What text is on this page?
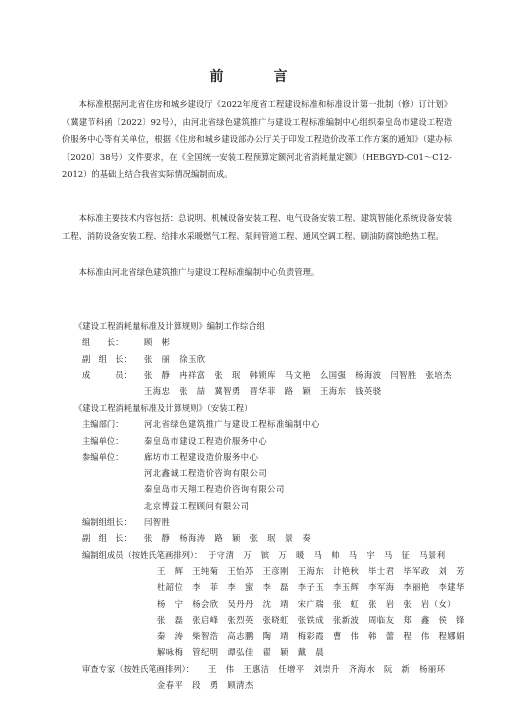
前　言
本标准根据河北省住房和城乡建设厅《2022年度省工程建设标准和标准设计第一批制（修）订计划》（冀建节科函〔2022〕92号），由河北省绿色建筑推广与建设工程标准编制中心组织秦皇岛市建设工程造价服务中心等有关单位，根据《住房和城乡建设部办公厅关于印发工程造价改革工作方案的通知》（建办标〔2020〕38号）文件要求，在《全国统一安装工程预算定额河北省消耗量定额》（HEBGYD-C01～C12-2012）的基础上结合我省实际情况编制而成。
本标准主要技术内容包括：总说明、机械设备安装工程、电气设备安装工程、建筑智能化系统设备安装工程、消防设备安装工程、给排水采暖燃气工程、泵间管道工程、通风空调工程、刷油防腐蚀绝热工程。
本标准由河北省绿色建筑推广与建设工程标准编制中心负责管理。
《建设工程消耗量标准及计算规则》编制工作综合组
组　　长： 顾　彬
副　组　长： 张　丽　徐玉欣
成　　　员： 张　静　冉祥富　张　珉　韩锁库　马文艳　么国强　杨海波　闫智胜　张培杰
王海忠　张　喆　冀智勇　晋华菲　路　颖　王海东　钱英骁
《建设工程消耗量标准及计算规则》（安装工程）
主编部门： 河北省绿色建筑推广与建设工程标准编制中心
主编单位： 秦皇岛市建设工程造价服务中心
参编单位： 廊坊市工程建设造价服务中心
河北鑫诚工程造价咨询有限公司
秦皇岛市天翔工程造价咨询有限公司
北京博益工程顾问有限公司
编制组组长： 闫智胜
副　组　长： 张　静　杨海涛　路　颖　张　珉　景　奏
编制组成员（按姓氏笔画排列）： 于守清　万　镔　万　暖　马　帅　马　宇　马　征　马景利
王　辉　王纯菊　王怡苏　王彦刚　王海东　计艳秋　毕士君　毕军政　刘　芳
杜韶位　李　菲　李　蜜　李　磊　李子玉　李玉辉　李军海　李丽艳　李建华
杨　宁　杨会欣　吴丹丹　沈　靖　宋广瑞　张　虹　张　岩　张　岩（女）
张　磊　张启峰　张烈英　张晓虹　张铁成　张新波　周临友　郑　鑫　侯　锋
秦　涛　柴智浩　高志鹏　陶　靖　梅彩霞　曹　伟　韩　蕾　程　伟　程娜娟
解咏梅　管纪明　谭弘佳　翟　颖　戴　晨
审查专家（按姓氏笔画排列）： 王　伟　王惠洁　任增平　刘崇升　齐海水　阮　新　杨丽环
金春平　段　勇　顾清杰
